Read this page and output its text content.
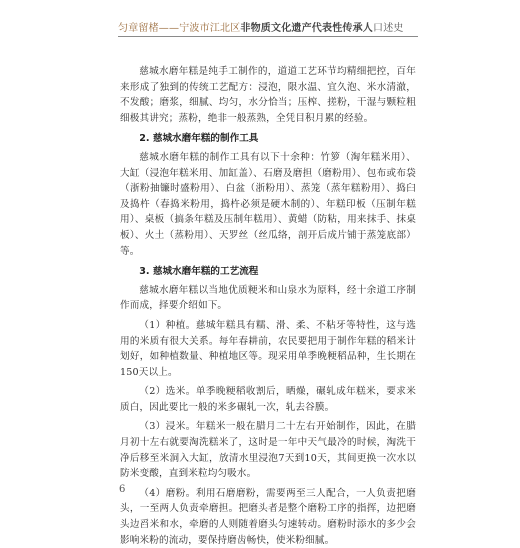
匀章留楮——宁波市江北区非物质文化遗产代表性传承人口述史

慈城水磨年糕是纯手工制作的，道道工艺环节均精细把控，百年来形成了独到的传统工艺配方：浸泡，限水温、宜久泡、米水清澈，不发酸；磨浆，细腻、均匀，水分恰当；压榨、搓粉，干湿与颗粒粗细极其讲究；蒸粉，绝非一般蒸熟，全凭目积月累的经验。

2. 慈城水磨年糕的制作工具

慈城水磨年糕的制作工具有以下十余种：竹箩（淘年糕米用）、大缸（浸泡年糕米用、加缸盖）、石磨及磨担（磨粉用）、包布或布袋（浙粉抽镰时盛粉用）、白盆（浙粉用）、蒸笼（蒸年糕粉用）、捣臼及捣杵（春捣米粉用，捣杵必须是硬木制的）、年糕印板（压制年糕用）、桌板（搞条年糕及压制年糕用）、黄蜡（防粘，用来抹手、抹桌板）、火土（蒸粉用）、天罗丝（丝瓜络，剖开后成片铺于蒸笼底部）等。

3. 慈城水磨年糕的工艺流程

慈城水磨年糕以当地优质粳米和山泉水为原料，经十余道工序制作而成，择要介绍如下。

（1）种植。慈城年糕具有糯、滑、柔、不粘牙等特性，这与选用的米质有很大关系。每年春耕前，农民要把用于制作年糕的稻米计划好，如种植数量、种植地区等。现采用单季晚粳稻品种，生长期在150天以上。

（2）选米。单季晚粳稻收割后，晒燥，碾轧成年糕米，要求米质白，因此要比一般的米多碾轧一次，轧去谷膜。

（3）浸米。年糕米一般在腊月二十左右开始制作，因此，在腊月初十左右就要淘洗糕米了，这时是一年中天气最冷的时候，淘洗干净后移至米洞入大缸，放清水里浸泡7天到10天，其间更换一次水以防米变酸，直到米粒均匀吸水。

（4）磨粉。利用石磨磨粉，需要两至三人配合，一人负责把磨头，一至两人负责牵磨担。把磨头者是整个磨粉工序的指挥，边把磨头边舀米和水，牵磨的人则随着磨头匀速转动。磨粉时添水的多少会影响米粉的流动，要保持磨齿畅快，使米粉细腻。

6
